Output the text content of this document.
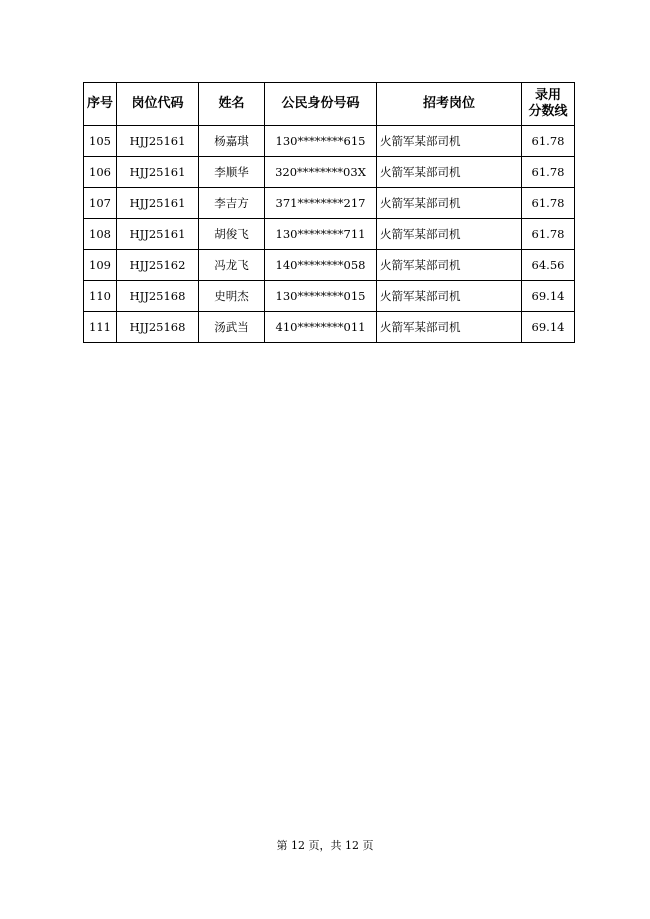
序号	岗位代码	姓名	公民身份号码	招考岗位	录用
分数线
105	HJJ25161	杨嘉琪	130********615	火箭军某部司机	61.78
106	HJJ25161	李顺华	320********03X	火箭军某部司机	61.78
107	HJJ25161	李吉方	371********217	火箭军某部司机	61.78
108	HJJ25161	胡俊飞	130********711	火箭军某部司机	61.78
109	HJJ25162	冯龙飞	140********058	火箭军某部司机	64.56
110	HJJ25168	史明杰	130********015	火箭军某部司机	69.14
111	HJJ25168	汤武当	410********011	火箭军某部司机	69.14
第 12 页，共 12 页
